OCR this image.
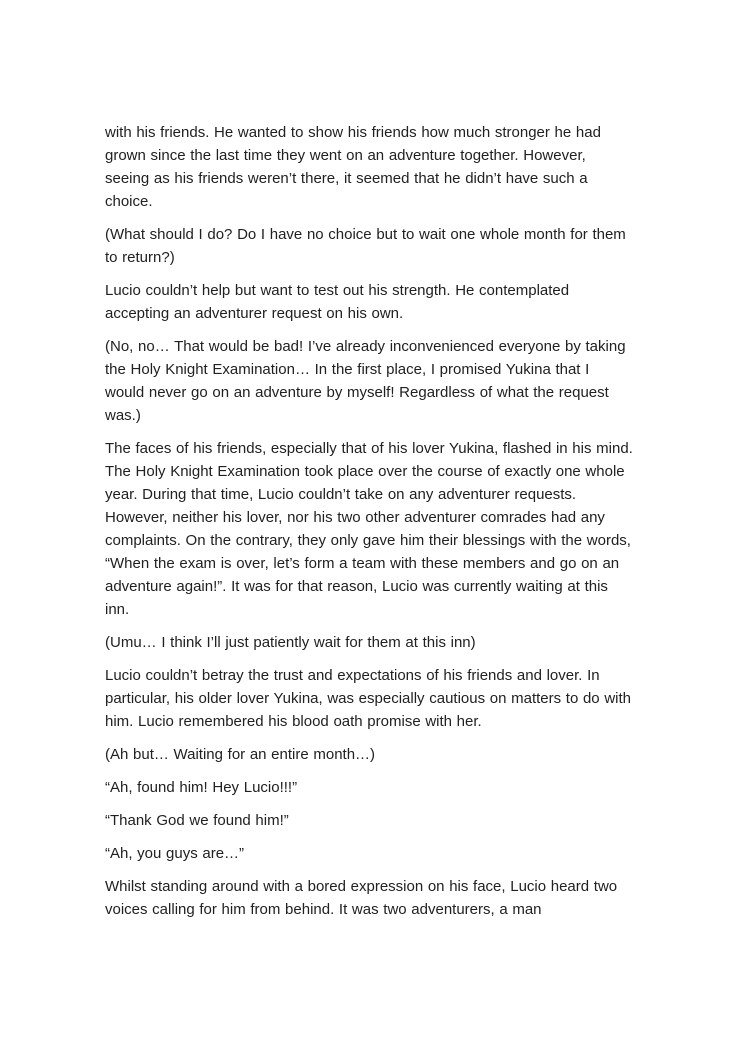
with his friends. He wanted to show his friends how much stronger he had grown since the last time they went on an adventure together. However, seeing as his friends weren’t there, it seemed that he didn’t have such a choice.

(What should I do? Do I have no choice but to wait one whole month for them to return?)

Lucio couldn’t help but want to test out his strength. He contemplated accepting an adventurer request on his own.

(No, no… That would be bad! I’ve already inconvenienced everyone by taking the Holy Knight Examination… In the first place, I promised Yukina that I would never go on an adventure by myself! Regardless of what the request was.)

The faces of his friends, especially that of his lover Yukina, flashed in his mind. The Holy Knight Examination took place over the course of exactly one whole year. During that time, Lucio couldn’t take on any adventurer requests. However, neither his lover, nor his two other adventurer comrades had any complaints. On the contrary, they only gave him their blessings with the words, “When the exam is over, let’s form a team with these members and go on an adventure again!”. It was for that reason, Lucio was currently waiting at this inn.

(Umu… I think I’ll just patiently wait for them at this inn)

Lucio couldn’t betray the trust and expectations of his friends and lover. In particular, his older lover Yukina, was especially cautious on matters to do with him. Lucio remembered his blood oath promise with her.

(Ah but… Waiting for an entire month…)

“Ah, found him! Hey Lucio!!!”

“Thank God we found him!”

“Ah, you guys are…”

Whilst standing around with a bored expression on his face, Lucio heard two voices calling for him from behind. It was two adventurers, a man
